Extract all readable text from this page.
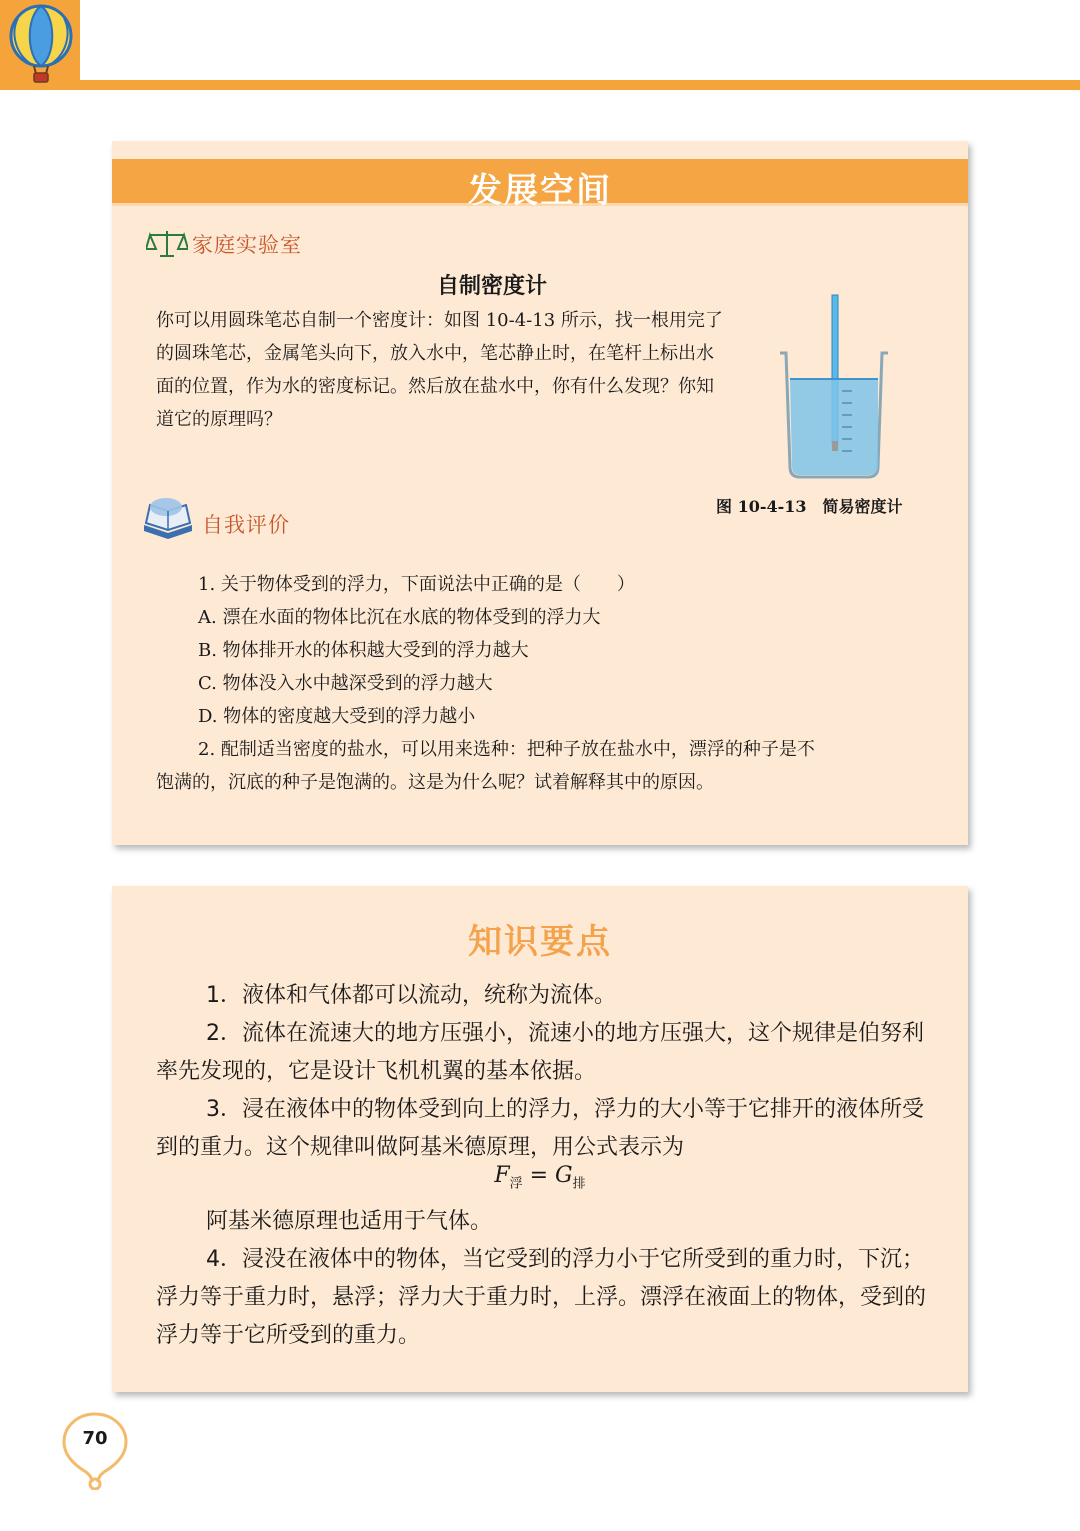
发展空间
家庭实验室
自制密度计

你可以用圆珠笔芯自制一个密度计：如图 10-4-13 所示，找一根用完了的圆珠笔芯，金属笔头向下，放入水中，笔芯静止时，在笔杆上标出水面的位置，作为水的密度标记。然后放在盐水中，你有什么发现？你知道它的原理吗？

图 10-4-13　简易密度计
自我评价
1. 关于物体受到的浮力，下面说法中正确的是（　　）
A. 漂在水面的物体比沉在水底的物体受到的浮力大
B. 物体排开水的体积越大受到的浮力越大
C. 物体没入水中越深受到的浮力越大
D. 物体的密度越大受到的浮力越小
2. 配制适当密度的盐水，可以用来选种：把种子放在盐水中，漂浮的种子是不
饱满的，沉底的种子是饱满的。这是为什么呢？试着解释其中的原因。
知识要点

1．液体和气体都可以流动，统称为流体。

2．流体在流速大的地方压强小，流速小的地方压强大，这个规律是伯努利率先发现的，它是设计飞机机翼的基本依据。

3．浸在液体中的物体受到向上的浮力，浮力的大小等于它排开的液体所受到的重力。这个规律叫做阿基米德原理，用公式表示为

$F_浮 = G_排$

阿基米德原理也适用于气体。

4．浸没在液体中的物体，当它受到的浮力小于它所受到的重力时，下沉；浮力等于重力时，悬浮；浮力大于重力时，上浮。漂浮在液面上的物体，受到的浮力等于它所受到的重力。

70
